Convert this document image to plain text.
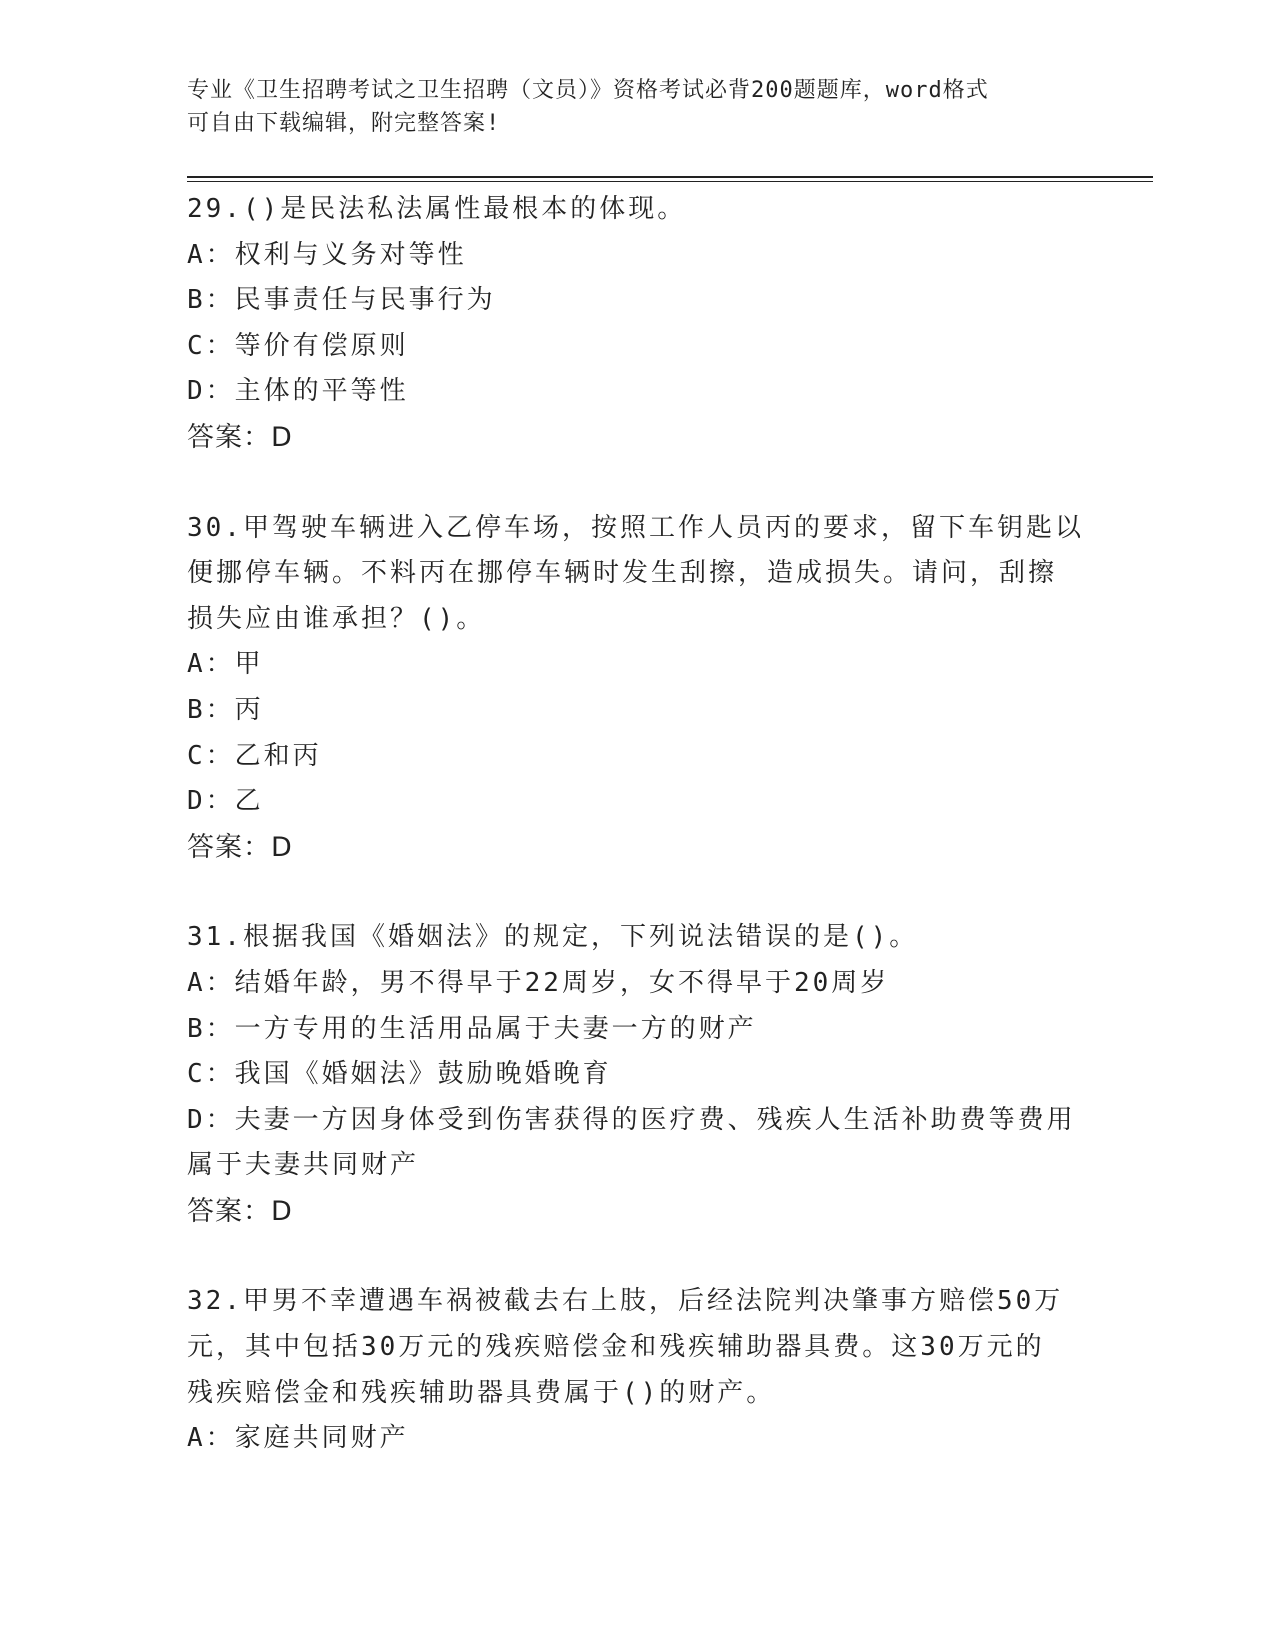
专业《卫生招聘考试之卫生招聘（文员）》资格考试必背200题题库，word格式
可自由下载编辑，附完整答案!
29.()是民法私法属性最根本的体现。
A：权利与义务对等性
B：民事责任与民事行为
C：等价有偿原则
D：主体的平等性
答案：D
30.甲驾驶车辆进入乙停车场，按照工作人员丙的要求，留下车钥匙以
便挪停车辆。不料丙在挪停车辆时发生刮擦，造成损失。请问，刮擦
损失应由谁承担？()。
A：甲
B：丙
C：乙和丙
D：乙
答案：D
31.根据我国《婚姻法》的规定，下列说法错误的是()。
A：结婚年龄，男不得早于22周岁，女不得早于20周岁
B：一方专用的生活用品属于夫妻一方的财产
C：我国《婚姻法》鼓励晚婚晚育
D：夫妻一方因身体受到伤害获得的医疗费、残疾人生活补助费等费用
属于夫妻共同财产
答案：D
32.甲男不幸遭遇车祸被截去右上肢，后经法院判决肇事方赔偿50万
元，其中包括30万元的残疾赔偿金和残疾辅助器具费。这30万元的
残疾赔偿金和残疾辅助器具费属于()的财产。
A：家庭共同财产
